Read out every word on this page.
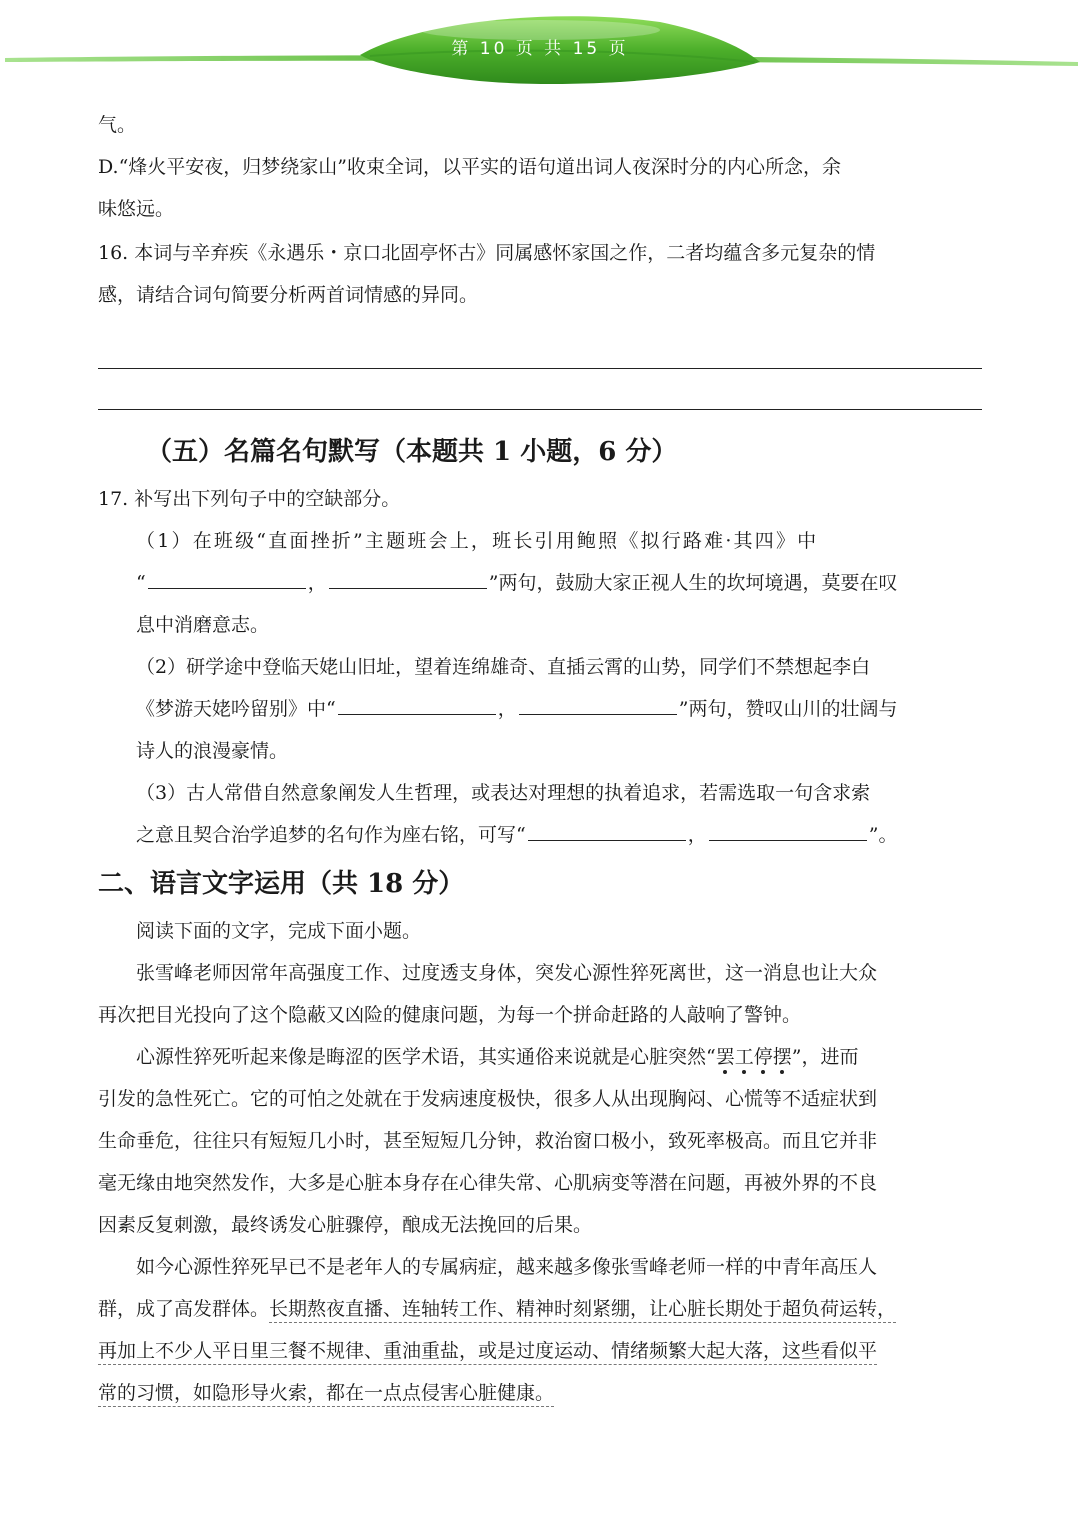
第 10 页 共 15 页

气。

D.“烽火平安夜，归梦绕家山”收束全词，以平实的语句道出词人夜深时分的内心所念，余

味悠远。

16. 本词与辛弃疾《永遇乐・京口北固亭怀古》同属感怀家国之作，二者均蕴含多元复杂的情

感，请结合词句简要分析两首词情感的异同。

（五）名篇名句默写（本题共 1 小题，6 分）

17. 补写出下列句子中的空缺部分。

（1）在班级“直面挫折”主题班会上，班长引用鲍照《拟行路难·其四》中

“	，	”两句，鼓励大家正视人生的坎坷境遇，莫要在叹

息中消磨意志。

（2）研学途中登临天姥山旧址，望着连绵雄奇、直插云霄的山势，同学们不禁想起李白

《梦游天姥吟留别》中“	，	”两句，赞叹山川的壮阔与

诗人的浪漫豪情。

（3）古人常借自然意象阐发人生哲理，或表达对理想的执着追求，若需选取一句含求索

之意且契合治学追梦的名句作为座右铭，可写“	，	”。

二、语言文字运用（共 18 分）

阅读下面的文字，完成下面小题。

张雪峰老师因常年高强度工作、过度透支身体，突发心源性猝死离世，这一消息也让大众

再次把目光投向了这个隐蔽又凶险的健康问题，为每一个拼命赶路的人敲响了警钟。

心源性猝死听起来像是晦涩的医学术语，其实通俗来说就是心脏突然“罢工停摆”，进而

引发的急性死亡。它的可怕之处就在于发病速度极快，很多人从出现胸闷、心慌等不适症状到

生命垂危，往往只有短短几小时，甚至短短几分钟，救治窗口极小，致死率极高。而且它并非

毫无缘由地突然发作，大多是心脏本身存在心律失常、心肌病变等潜在问题，再被外界的不良

因素反复刺激，最终诱发心脏骤停，酿成无法挽回的后果。

如今心源性猝死早已不是老年人的专属病症，越来越多像张雪峰老师一样的中青年高压人

群，成了高发群体。长期熬夜直播、连轴转工作、精神时刻紧绷，让心脏长期处于超负荷运转，

再加上不少人平日里三餐不规律、重油重盐，或是过度运动、情绪频繁大起大落，这些看似平

常的习惯，如隐形导火索，都在一点点侵害心脏健康。
